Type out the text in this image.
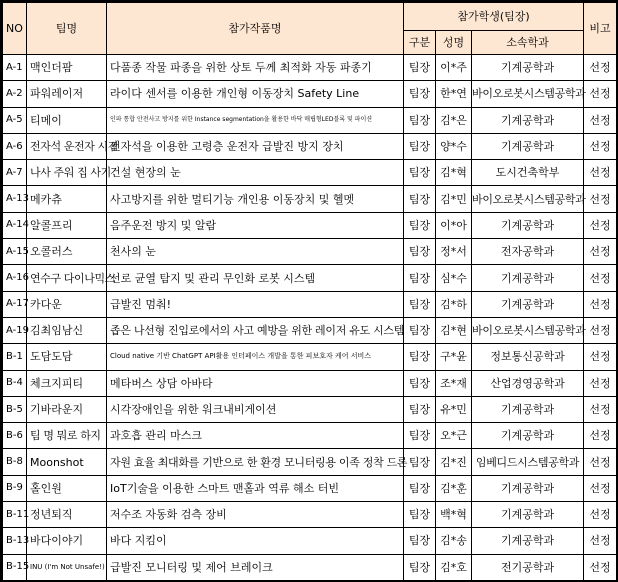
NO	팀명	참가작품명	참가학생(팀장)			비고
			구분	성명	소속학과	
A-1	맥인더팜	다품종 작물 파종을 위한 상토 두께 최적화 자동 파종기	팀장	이*주	기계공학과	선정
A-2	파워레이저	라이다 센서를 이용한 개인형 이동장치 Safety Line	팀장	한*연	바이오로봇시스템공학과	선정
A-5	티메이	인파 통합 안전사고 방지를 위한 Instance segmentation을 활용한 바닥 매립형LED블록 및 파이션	팀장	김*은	기계공학과	선정
A-6	전자석 운전자 시점	전자석을 이용한 고령층 운전자 급발진 방지 장치	팀장	양*수	기계공학과	선정
A-7	나사 주워 집 사기	건설 현장의 눈	팀장	김*혁	도시건축학부	선정
A-13	메카츄	사고방지를 위한 멀티기능 개인용 이동장치 및 헬멧	팀장	김*민	바이오로봇시스템공학과	선정
A-14	알콜프리	음주운전 방지 및 알람	팀장	이*아	기계공학과	선정
A-15	오콜러스	천사의 눈	팀장	정*서	전자공학과	선정
A-16	연수구 다이나믹스	선로 균열 탐지 및 관리 무인화 로봇 시스템	팀장	심*수	기계공학과	선정
A-17	카다운	급발진 멈춰!	팀장	김*하	기계공학과	선정
A-19	김최임남신	좁은 나선형 진입로에서의 사고 예방을 위한 레이저 유도 시스템	팀장	김*현	바이오로봇시스템공학과	선정
B-1	도담도담	Cloud native 기반 ChatGPT API활용 인터페이스 개발을 통한 피보호자 케어 서비스	팀장	구*윤	정보통신공학과	선정
B-4	체크지피티	메타버스 상담 아바타	팀장	조*재	산업경영공학과	선정
B-5	기바라운지	시각장애인을 위한 워크내비게이션	팀장	유*민	기계공학과	선정
B-6	팀 명 뭐로 하지	과호흡 관리 마스크	팀장	오*근	기계공학과	선정
B-8	Moonshot	자원 효율 최대화를 기반으로 한 환경 모니터링용 이족 정착 드론	팀장	김*진	임베디드시스템공학과	선정
B-9	홀인원	IoT기술을 이용한 스마트 맨홀과 역류 해소 터빈	팀장	김*훈	기계공학과	선정
B-11	정년퇴직	저수조 자동화 검측 장비	팀장	백*혁	기계공학과	선정
B-13	바다이야기	바다 지킴이	팀장	김*송	기계공학과	선정
B-15	INU (I'm Not Unsafe!)	급발진 모니터링 및 제어 브레이크	팀장	김*호	전기공학과	선정
